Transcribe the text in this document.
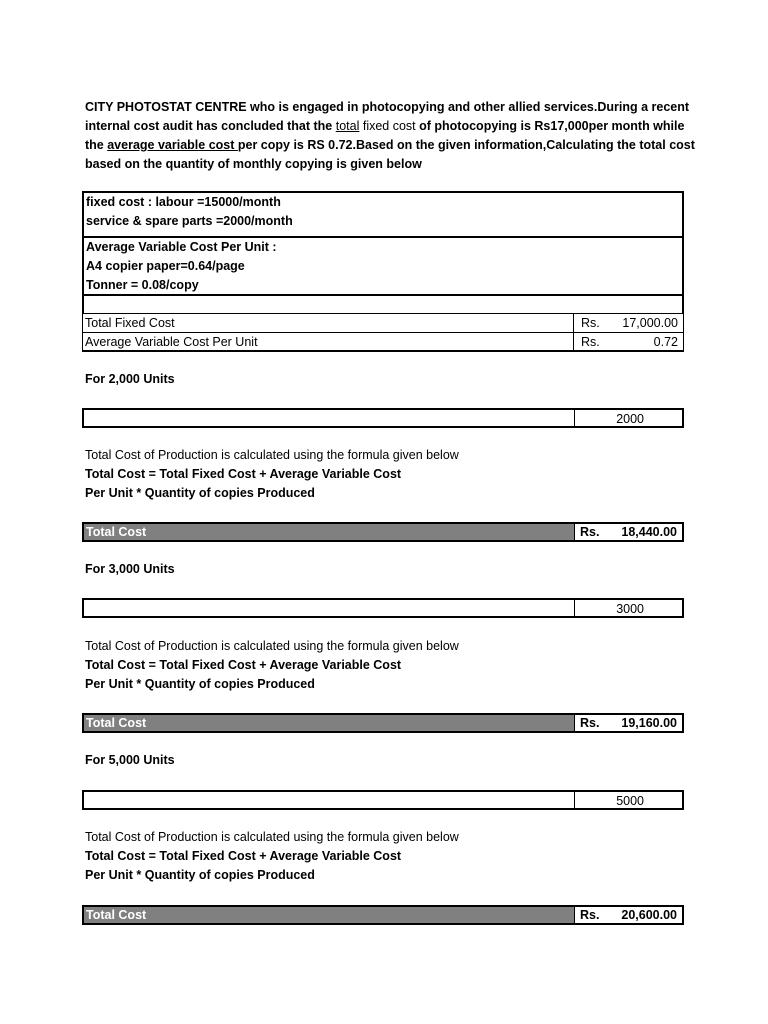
CITY PHOTOSTAT CENTRE who is engaged in photocopying and other allied services.During a recent internal cost audit has concluded that the total fixed cost of photocopying is Rs17,000per month while the average variable cost per copy is RS 0.72.Based on the given information,Calculating the total cost based on the quantity of monthly copying is given below
fixed cost : labour =15000/month
service & spare parts =2000/month
Average Variable Cost Per Unit :
A4 copier paper=0.64/page
Tonner = 0.08/copy
Total Fixed Cost	Rs. 17,000.00
Average Variable Cost Per Unit	Rs.	0.72
For 2,000 Units
2000
Total Cost of Production is calculated using the formula given below
Total Cost = Total Fixed Cost + Average Variable Cost
Per Unit * Quantity of copies Produced
Total Cost	Rs. 18,440.00
For 3,000 Units
3000
Total Cost of Production is calculated using the formula given below
Total Cost = Total Fixed Cost + Average Variable Cost
Per Unit * Quantity of copies Produced
Total Cost	Rs. 19,160.00
For 5,000 Units
5000
Total Cost of Production is calculated using the formula given below
Total Cost = Total Fixed Cost + Average Variable Cost
Per Unit * Quantity of copies Produced
Total Cost	Rs. 20,600.00
